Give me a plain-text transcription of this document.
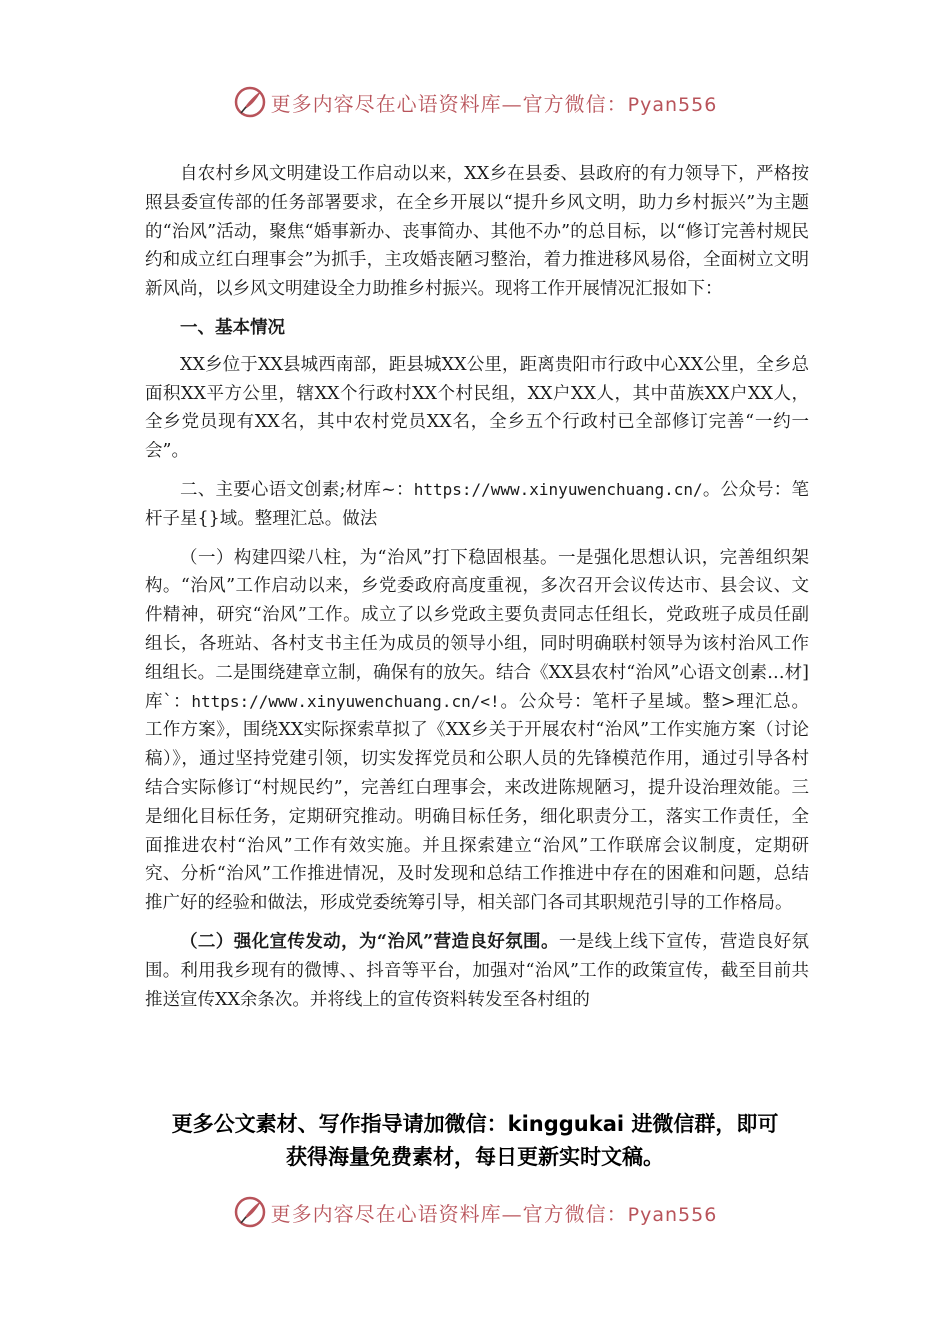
更多内容尽在心语资料库—官方微信：Pyan556

自农村乡风文明建设工作启动以来，XX乡在县委、县政府的有力领导下，严格按照县委宣传部的任务部署要求，在全乡开展以“提升乡风文明，助力乡村振兴”为主题的“治风”活动，聚焦“婚事新办、丧事简办、其他不办”的总目标，以“修订完善村规民约和成立红白理事会”为抓手，主攻婚丧陋习整治，着力推进移风易俗，全面树立文明新风尚，以乡风文明建设全力助推乡村振兴。现将工作开展情况汇报如下：

一、基本情况

XX乡位于XX县城西南部，距县城XX公里，距离贵阳市行政中心XX公里，全乡总面积XX平方公里，辖XX个行政村XX个村民组，XX户XX人，其中苗族XX户XX人，全乡党员现有XX名，其中农村党员XX名，全乡五个行政村已全部修订完善“一约一会”。

二、主要心语文创素;材库~：https://www.xinyuwenchuang.cn/。公众号：笔杆子星{}域。整理汇总。做法

（一）构建四梁八柱，为“治风”打下稳固根基。一是强化思想认识，完善组织架构。“治风”工作启动以来，乡党委政府高度重视，多次召开会议传达市、县会议、文件精神，研究“治风”工作。成立了以乡党政主要负责同志任组长，党政班子成员任副组长，各班站、各村支书主任为成员的领导小组，同时明确联村领导为该村治风工作组组长。二是围绕建章立制，确保有的放矢。结合《XX县农村“治风”心语文创素…材]库`：https://www.xinyuwenchuang.cn/<!。公众号：笔杆子星域。整>理汇总。工作方案》，围绕XX实际探索草拟了《XX乡关于开展农村“治风”工作实施方案（讨论稿）》，通过坚持党建引领，切实发挥党员和公职人员的先锋模范作用，通过引导各村结合实际修订“村规民约”，完善红白理事会，来改进陈规陋习，提升设治理效能。三是细化目标任务，定期研究推动。明确目标任务，细化职责分工，落实工作责任，全面推进农村“治风”工作有效实施。并且探索建立“治风”工作联席会议制度，定期研究、分析“治风”工作推进情况，及时发现和总结工作推进中存在的困难和问题，总结推广好的经验和做法，形成党委统筹引导，相关部门各司其职规范引导的工作格局。

（二）强化宣传发动，为“治风”营造良好氛围。一是线上线下宣传，营造良好氛围。利用我乡现有的微博、、抖音等平台，加强对“治风”工作的政策宣传，截至目前共推送宣传XX余条次。并将线上的宣传资料转发至各村组的

更多公文素材、写作指导请加微信：kinggukai 进微信群，即可
获得海量免费素材，每日更新实时文稿。
更多内容尽在心语资料库—官方微信：Pyan556
